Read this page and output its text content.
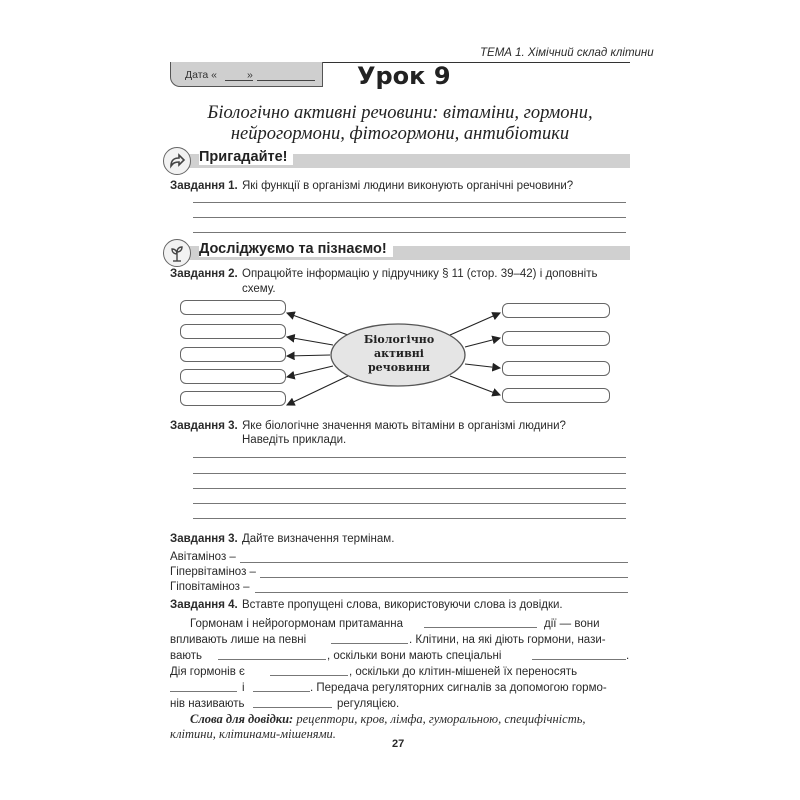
ТЕМА 1. Хімічний склад клітини
Дата «	»	Урок 9
Біологічно активні речовини: вітаміни, гормони,
нейрогормони, фітогормони, антибіотики
Пригадайте!
Завдання 1. Які функції в організмі людини виконують органічні речовини?
Досліджуємо та пізнаємо!
Завдання 2. Опрацюйте інформацію у підручнику § 11 (стор. 39–42) і доповніть
схему.
Біологічно
активні
речовини
Завдання 3. Яке біологічне значення мають вітаміни в організмі людини?
Наведіть приклади.
Завдання 3. Дайте визначення термінам.
Авітаміноз –
Гіпервітаміноз –
Гіповітаміноз –
Завдання 4. Вставте пропущені слова, використовуючи слова із довідки.
Гормонам і нейрогормонам притаманна	дії — вони
впливають лише на певні	. Клітини, на які діють гормони, нази-
вають	, оскільки вони мають спеціальні	.
Дія гормонів є	, оскільки до клітин-мішеней їх переносять
і	. Передача регуляторних сигналів за допомогою гормо-
нів називають	регуляцією.
Слова для довідки: рецептори, кров, лімфа, гуморальною, специфічність,
клітини, клітинами-мішенями.
27
